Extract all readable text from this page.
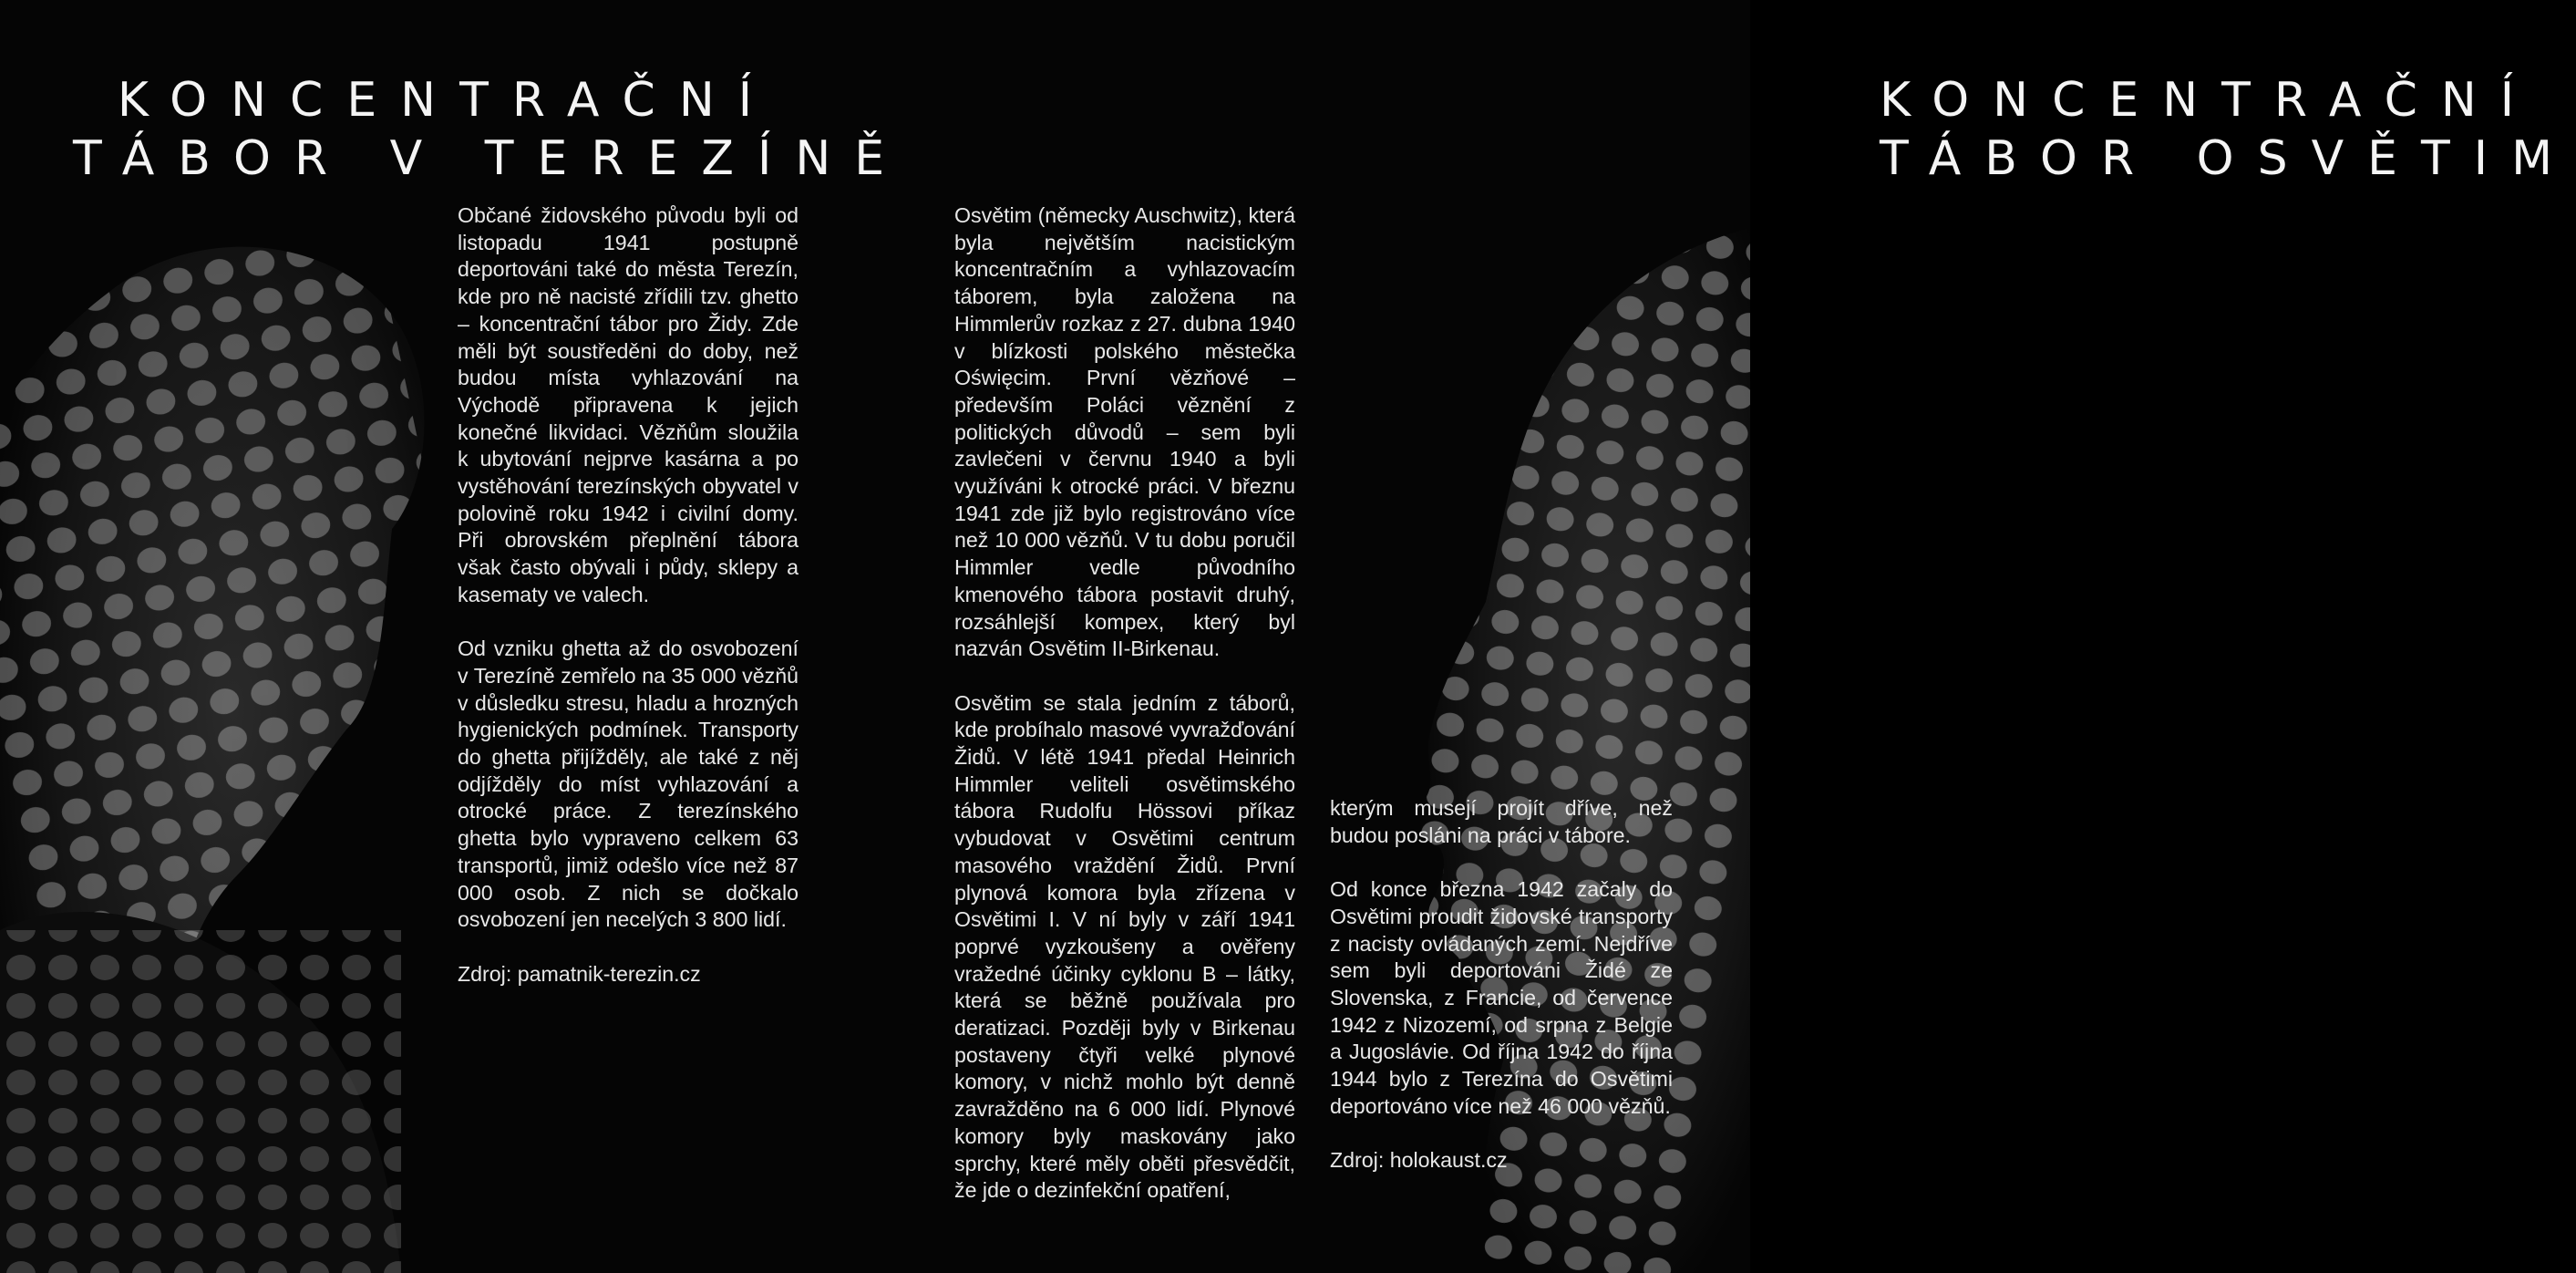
KONCENTRAČNÍ
TÁBOR V TEREZÍNĚ

Občané židovského původu byli od listopadu 1941 postupně deportováni také do města Terezín, kde pro ně nacisté zřídili tzv. ghetto – koncentrační tábor pro Židy. Zde měli být soustředěni do doby, než budou místa vyhlazování na Východě připravena k jejich konečné likvidaci. Vězňům sloužila k ubytování nejprve kasárna a po vystěhování terezínských obyvatel v polovině roku 1942 i civilní domy. Při obrovském přeplnění tábora však často obývali i půdy, sklepy a kasematy ve valech.

Od vzniku ghetta až do osvobození v Terezíně zemřelo na 35 000 vězňů v důsledku stresu, hladu a hrozných hygienických podmínek. Transporty do ghetta přijížděly, ale také z něj odjížděly do míst vyhlazování a otrocké práce. Z terezínského ghetta bylo vypraveno celkem 63 transportů, jimiž odešlo více než 87 000 osob. Z nich se dočkalo osvobození jen necelých 3 800 lidí.

Zdroj: pamatnik-terezin.cz

KONCENTRAČNÍ
TÁBOR OSVĚTIM

Osvětim (německy Auschwitz), která byla největším nacistickým koncentračním a vyhlazovacím táborem, byla založena na Himmlerův rozkaz z 27. dubna 1940 v blízkosti polského městečka Oświęcim. První vězňové – především Poláci věznění z politických důvodů – sem byli zavlečeni v červnu 1940 a byli využíváni k otrocké práci. V březnu 1941 zde již bylo registrováno více než 10 000 vězňů. V tu dobu poručil Himmler vedle původního kmenového tábora postavit druhý, rozsáhlejší kompex, který byl nazván Osvětim II-Birkenau.

Osvětim se stala jedním z táborů, kde probíhalo masové vyvražďování Židů. V létě 1941 předal Heinrich Himmler veliteli osvětimského tábora Rudolfu Hössovi příkaz vybudovat v Osvětimi centrum masového vraždění Židů. První plynová komora byla zřízena v Osvětimi I. V ní byly v září 1941 poprvé vyzkoušeny a ověřeny vražedné účinky cyklonu B – látky, která se běžně používala pro deratizaci. Později byly v Birkenau postaveny čtyři velké plynové komory, v nichž mohlo být denně zavražděno na 6 000 lidí. Plynové komory byly maskovány jako sprchy, které měly oběti přesvědčit, že jde o dezinfekční opatření,

kterým musejí projít dříve, než budou posláni na práci v tábore.

Od konce března 1942 začaly do Osvětimi proudit židovské transporty z nacisty ovládaných zemí. Nejdříve sem byli deportováni Židé ze Slovenska, z Francie, od července 1942 z Nizozemí, od srpna z Belgie a Jugoslávie. Od října 1942 do října 1944 bylo z Terezína do Osvětimi deportováno více než 46 000 vězňů.

Zdroj: holokaust.cz
